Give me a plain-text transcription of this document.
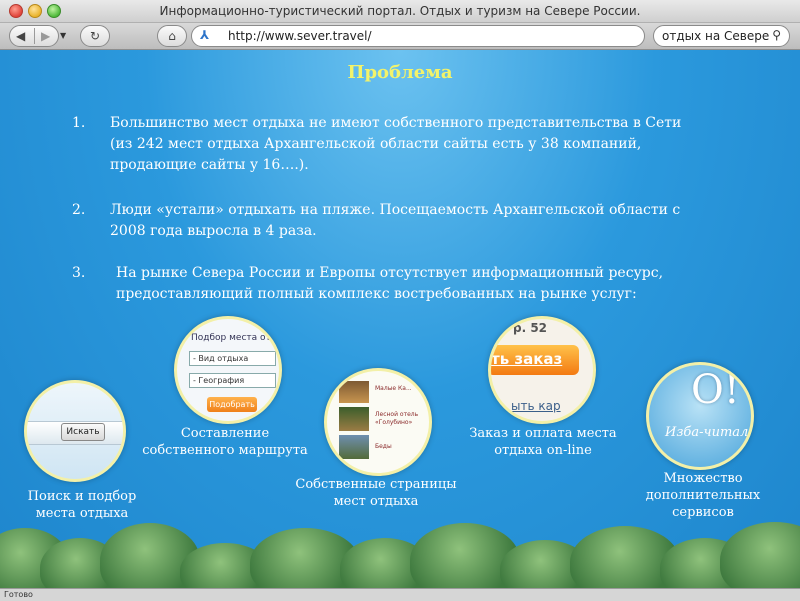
Информационно-туристический портал. Отдых и туризм на Севере России.
◀ ▶ ▼	↻	⌂	⅄ http://www.sever.travel/	отдых на Севере ⚲
Проблема
1. Большинство мест отдыха не имеют собственного представительства в Сети
(из 242 мест отдыха Архангельской области сайты есть у 38 компаний,
продающие сайты у 16….).
2. Люди «устали» отдыхать на пляже. Посещаемость Архангельской области с
2008 года выросла в 4 раза.
3. На рынке Севера России и Европы отсутствует информационный ресурс,
предоставляющий полный комплекс востребованных на рынке услуг:
Искать
Поиск и подбор места отдыха
Подбор места отд
- Вид отдыха
- География
Подобрать
Составление собственного маршрута
Малые Ка...
Лесной отель «Голубино»
Беды
Собственные страницы мест отдыха
р. 52
ть заказ
ыть кар
Заказ и оплата места отдыха on-line
О!
Изба-читал
Множество дополнительных сервисов
Готово
